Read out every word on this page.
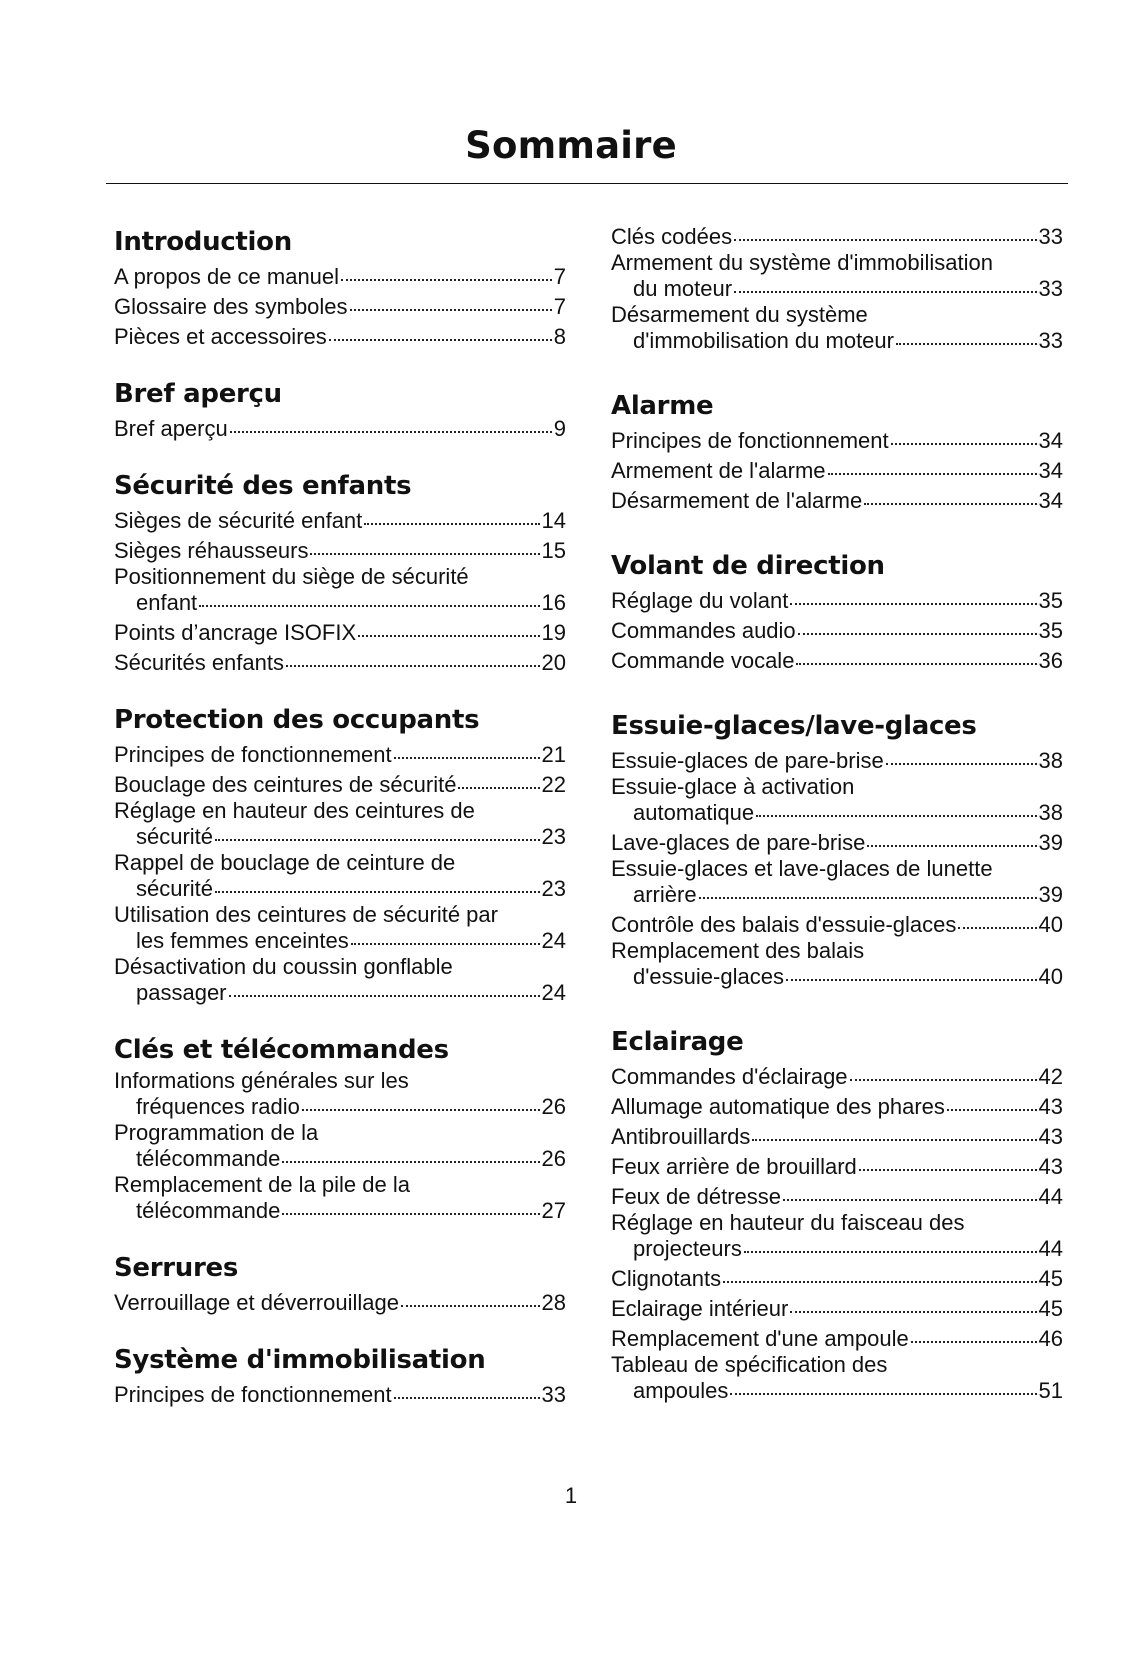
Sommaire
Introduction
A propos de ce manuel	7
Glossaire des symboles	7
Pièces et accessoires	8
Bref aperçu
Bref aperçu	9
Sécurité des enfants
Sièges de sécurité enfant	14
Sièges réhausseurs	15
Positionnement du siège de sécurité
enfant	16
Points d’ancrage ISOFIX	19
Sécurités enfants	20
Protection des occupants
Principes de fonctionnement	21
Bouclage des ceintures de sécurité	22
Réglage en hauteur des ceintures de
sécurité	23
Rappel de bouclage de ceinture de
sécurité	23
Utilisation des ceintures de sécurité par
les femmes enceintes	24
Désactivation du coussin gonflable
passager	24
Clés et télécommandes
Informations générales sur les
fréquences radio	26
Programmation de la
télécommande	26
Remplacement de la pile de la
télécommande	27
Serrures
Verrouillage et déverrouillage	28
Système d'immobilisation
Principes de fonctionnement	33
Clés codées	33
Armement du système d'immobilisation
du moteur	33
Désarmement du système
d'immobilisation du moteur	33
Alarme
Principes de fonctionnement	34
Armement de l'alarme	34
Désarmement de l'alarme	34
Volant de direction
Réglage du volant	35
Commandes audio	35
Commande vocale	36
Essuie-glaces/lave-glaces
Essuie-glaces de pare-brise	38
Essuie-glace à activation
automatique	38
Lave-glaces de pare-brise	39
Essuie-glaces et lave-glaces de lunette
arrière	39
Contrôle des balais d'essuie-glaces	40
Remplacement des balais
d'essuie-glaces	40
Eclairage
Commandes d'éclairage	42
Allumage automatique des phares	43
Antibrouillards	43
Feux arrière de brouillard	43
Feux de détresse	44
Réglage en hauteur du faisceau des
projecteurs	44
Clignotants	45
Eclairage intérieur	45
Remplacement d'une ampoule	46
Tableau de spécification des
ampoules	51
1
